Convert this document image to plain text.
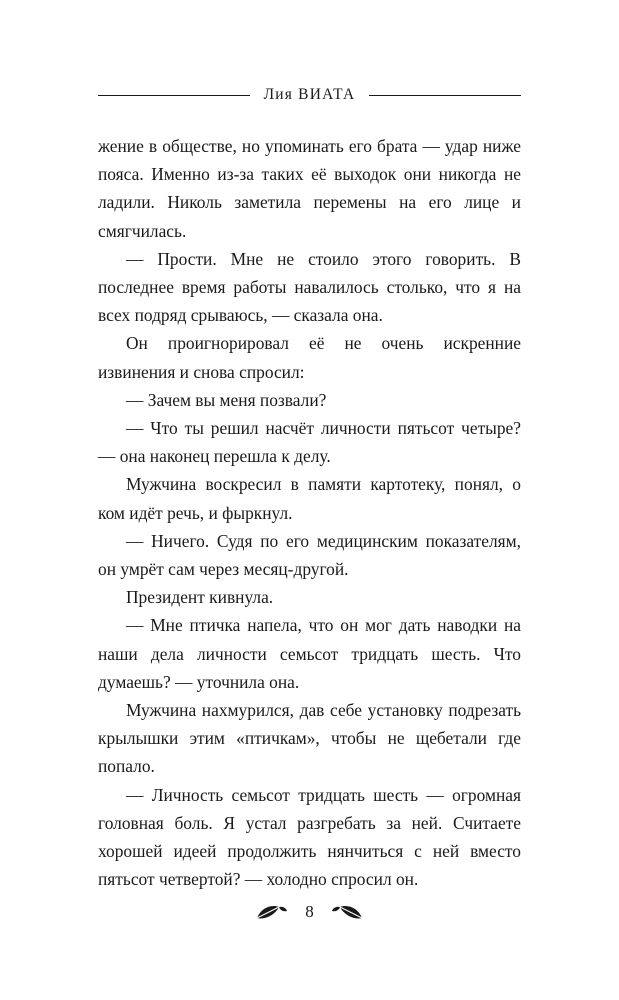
Лия ВИАТА

жение в обществе, но упоминать его брата — удар ниже пояса. Именно из-за таких её выходок они никогда не ладили. Николь заметила перемены на его лице и смягчилась.

— Прости. Мне не стоило этого говорить. В последнее время работы навалилось столько, что я на всех подряд срываюсь, — сказала она.

Он проигнорировал её не очень искренние извинения и снова спросил:

— Зачем вы меня позвали?

— Что ты решил насчёт личности пятьсот четыре? — она наконец перешла к делу.

Мужчина воскресил в памяти картотеку, понял, о ком идёт речь, и фыркнул.

— Ничего. Судя по его медицинским показателям, он умрёт сам через месяц-другой.

Президент кивнула.

— Мне птичка напела, что он мог дать наводки на наши дела личности семьсот тридцать шесть. Что думаешь? — уточнила она.

Мужчина нахмурился, дав себе установку подрезать крылышки этим «птичкам», чтобы не щебетали где попало.

— Личность семьсот тридцать шесть — огромная головная боль. Я устал разгребать за ней. Считаете хорошей идеей продолжить нянчиться с ней вместо пятьсот четвертой? — холодно спросил он.

8
